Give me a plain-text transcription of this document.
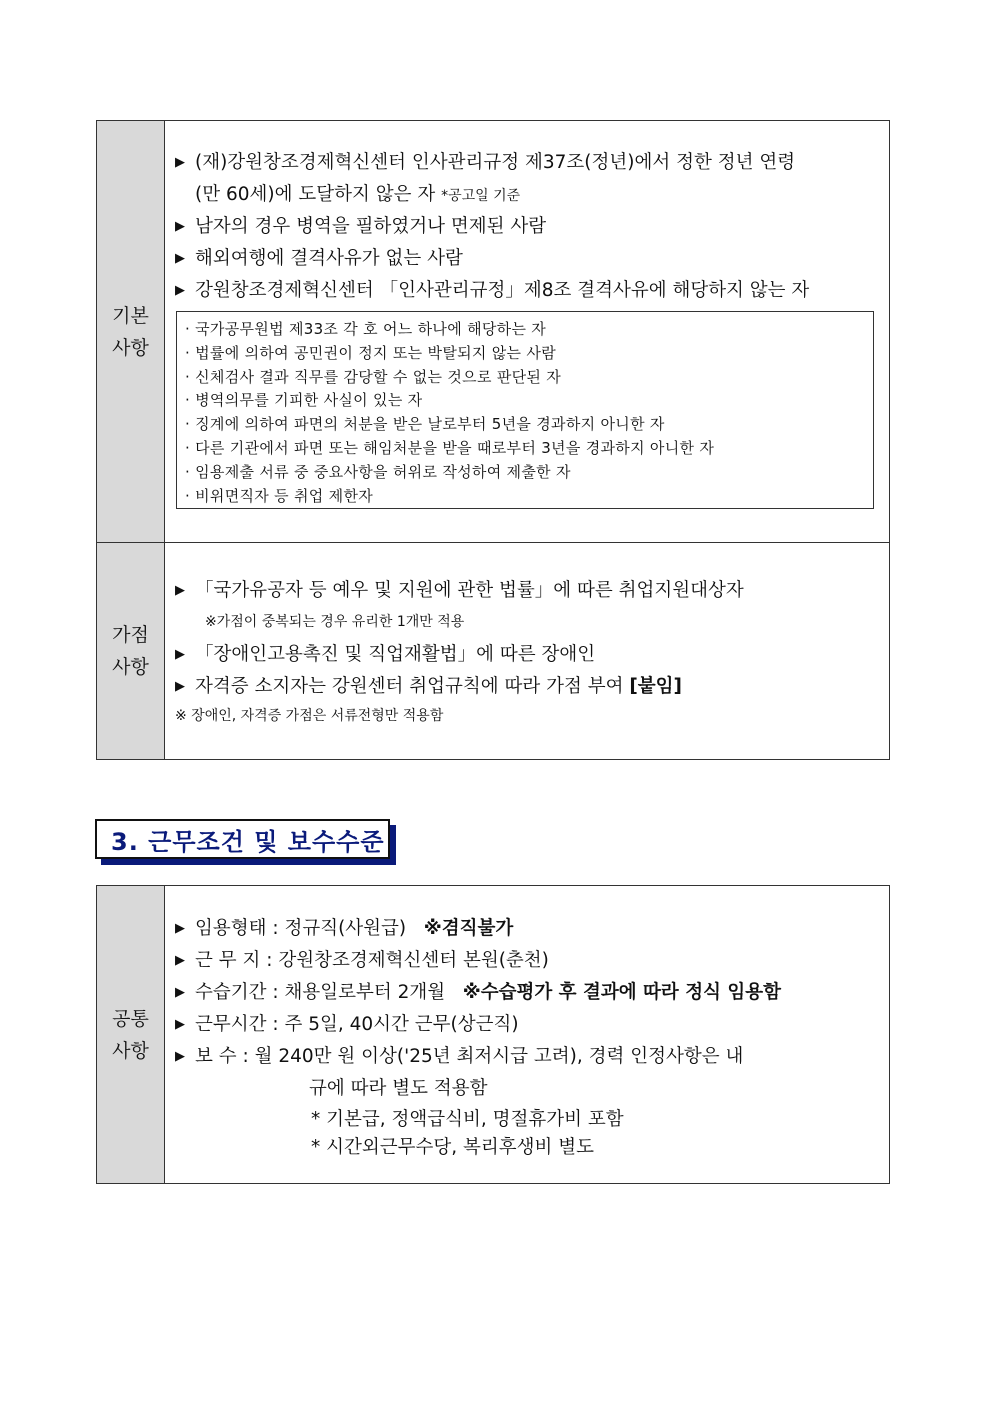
기본
사항
▶ (재)강원창조경제혁신센터 인사관리규정 제37조(정년)에서 정한 정년 연령
(만 60세)에 도달하지 않은 자 *공고일 기준
▶ 남자의 경우 병역을 필하였거나 면제된 사람
▶ 해외여행에 결격사유가 없는 사람
▶ 강원창조경제혁신센터 「인사관리규정」제8조 결격사유에 해당하지 않는 자
· 국가공무원법 제33조 각 호 어느 하나에 해당하는 자
· 법률에 의하여 공민권이 정지 또는 박탈되지 않는 사람
· 신체검사 결과 직무를 감당할 수 없는 것으로 판단된 자
· 병역의무를 기피한 사실이 있는 자
· 징계에 의하여 파면의 처분을 받은 날로부터 5년을 경과하지 아니한 자
· 다른 기관에서 파면 또는 해임처분을 받을 때로부터 3년을 경과하지 아니한 자
· 임용제출 서류 중 중요사항을 허위로 작성하여 제출한 자
· 비위면직자 등 취업 제한자
가점
사항
▶ 「국가유공자 등 예우 및 지원에 관한 법률」에 따른 취업지원대상자
※가점이 중복되는 경우 유리한 1개만 적용
▶ 「장애인고용촉진 및 직업재활법」에 따른 장애인
▶ 자격증 소지자는 강원센터 취업규칙에 따라 가점 부여 [붙임]
※ 장애인, 자격증 가점은 서류전형만 적용함
3. 근무조건 및 보수수준
공통
사항
▶ 임용형태 : 정규직(사원급) ※겸직불가
▶ 근 무 지 : 강원창조경제혁신센터 본원(춘천)
▶ 수습기간 : 채용일로부터 2개월 ※수습평가 후 결과에 따라 정식 임용함
▶ 근무시간 : 주 5일, 40시간 근무(상근직)
▶ 보 수 : 월 240만 원 이상('25년 최저시급 고려), 경력 인정사항은 내
규에 따라 별도 적용함
* 기본급, 정액급식비, 명절휴가비 포함
* 시간외근무수당, 복리후생비 별도
